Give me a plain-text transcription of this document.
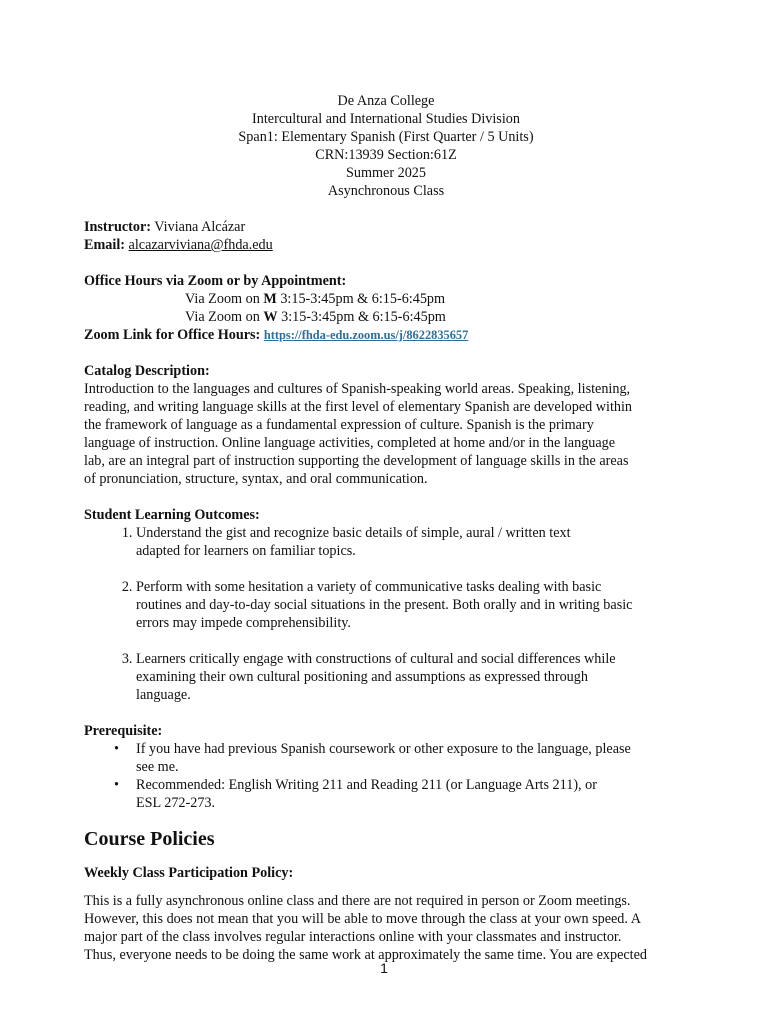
De Anza College
Intercultural and International Studies Division
Span1: Elementary Spanish (First Quarter / 5 Units)
CRN:13939 Section:61Z
Summer 2025
Asynchronous Class
Instructor: Viviana Alcázar
Email: alcazarviviana@fhda.edu
Office Hours via Zoom or by Appointment:
Via Zoom on M 3:15-3:45pm & 6:15-6:45pm
Via Zoom on W 3:15-3:45pm & 6:15-6:45pm
Zoom Link for Office Hours: https://fhda-edu.zoom.us/j/8622835657
Catalog Description:
Introduction to the languages and cultures of Spanish-speaking world areas. Speaking, listening,
reading, and writing language skills at the first level of elementary Spanish are developed within
the framework of language as a fundamental expression of culture. Spanish is the primary
language of instruction. Online language activities, completed at home and/or in the language
lab, are an integral part of instruction supporting the development of language skills in the areas
of pronunciation, structure, syntax, and oral communication.
Student Learning Outcomes:
1. Understand the gist and recognize basic details of simple, aural / written text
adapted for learners on familiar topics.
2. Perform with some hesitation a variety of communicative tasks dealing with basic
routines and day-to-day social situations in the present. Both orally and in writing basic
errors may impede comprehensibility.
3. Learners critically engage with constructions of cultural and social differences while
examining their own cultural positioning and assumptions as expressed through
language.
Prerequisite:
• If you have had previous Spanish coursework or other exposure to the language, please
see me.
• Recommended: English Writing 211 and Reading 211 (or Language Arts 211), or
ESL 272-273.
Course Policies
Weekly Class Participation Policy:
This is a fully asynchronous online class and there are not required in person or Zoom meetings.
However, this does not mean that you will be able to move through the class at your own speed. A
major part of the class involves regular interactions online with your classmates and instructor.
Thus, everyone needs to be doing the same work at approximately the same time. You are expected
1
